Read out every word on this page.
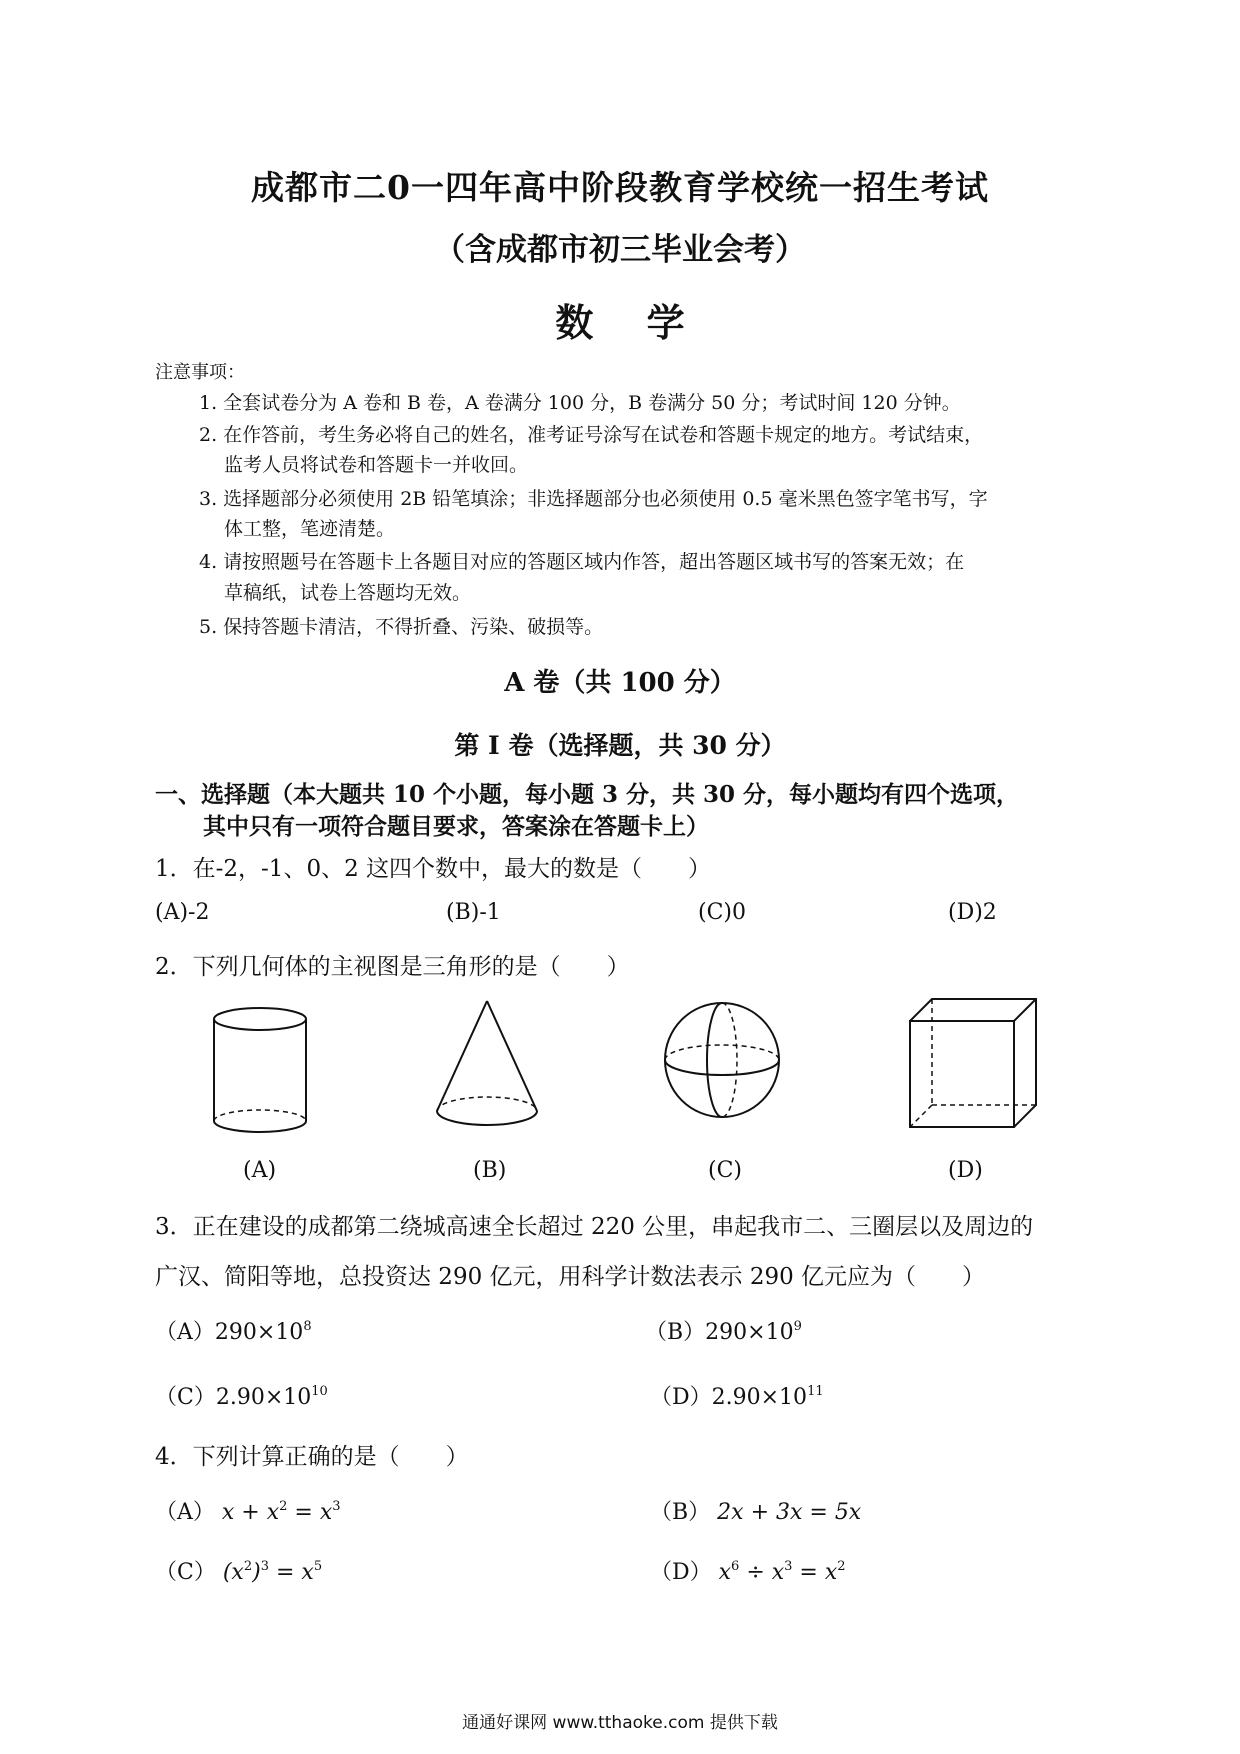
成都市二0一四年高中阶段教育学校统一招生考试
（含成都市初三毕业会考）
数 学
注意事项：
1. 全套试卷分为 A 卷和 B 卷，A 卷满分 100 分，B 卷满分 50 分；考试时间 120 分钟。
2. 在作答前，考生务必将自己的姓名，准考证号涂写在试卷和答题卡规定的地方。考试结束，
监考人员将试卷和答题卡一并收回。
3. 选择题部分必须使用 2B 铅笔填涂；非选择题部分也必须使用 0.5 毫米黑色签字笔书写，字
体工整，笔迹清楚。
4. 请按照题号在答题卡上各题目对应的答题区域内作答，超出答题区域书写的答案无效；在
草稿纸，试卷上答题均无效。
5. 保持答题卡清洁，不得折叠、污染、破损等。
A 卷（共 100 分）
第 I 卷（选择题，共 30 分）
一、选择题（本大题共 10 个小题，每小题 3 分，共 30 分，每小题均有四个选项，
其中只有一项符合题目要求，答案涂在答题卡上）
1．在-2，-1、0、2 这四个数中，最大的数是（　　）
(A)-2	(B)-1	(C)0	(D)2
2．下列几何体的主视图是三角形的是（　　）
(A)	(B)	(C)	(D)
3．正在建设的成都第二绕城高速全长超过 220 公里，串起我市二、三圈层以及周边的
广汉、简阳等地，总投资达 290 亿元，用科学计数法表示 290 亿元应为（　　）
$(A)290\times 10^8$	$(B)290\times 10^9$
$(C)2.90\times 10^{10}$	$(D)2.90\times 10^{11}$
4．下列计算正确的是（　　）
（A） $x + x^2 = x^3$	（B） 2x + 3x = 5x
（C） $(x^2)^3 = x^5$	（D） $x^6 \div x^3 = x^2$
通通好课网 www.tthaoke.com 提供下载
